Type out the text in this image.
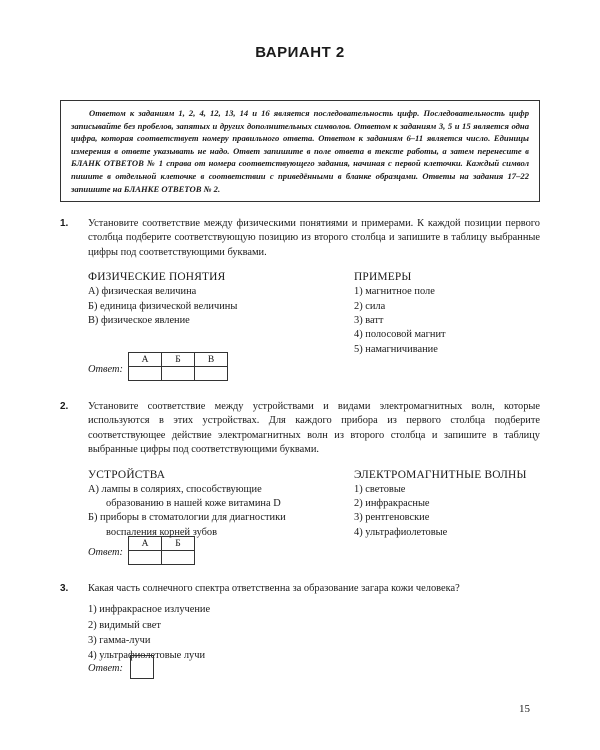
ВАРИАНТ 2
Ответом к заданиям 1, 2, 4, 12, 13, 14 и 16 является последовательность цифр. Последовательность цифр записывайте без пробелов, запятых и других дополнительных символов. Ответом к заданиям 3, 5 и 15 является одна цифра, которая соответствует номеру правильного ответа. Ответом к заданиям 6–11 является число. Единицы измерения в ответе указывать не надо. Ответ запишите в поле ответа в тексте работы, а затем перенесите в БЛАНК ОТВЕТОВ № 1 справа от номера соответствующего задания, начиная с первой клеточки. Каждый символ пишите в отдельной клеточке в соответствии с приведёнными в бланке образцами. Ответы на задания 17–22 запишите на БЛАНКЕ ОТВЕТОВ № 2.
1. Установите соответствие между физическими понятиями и примерами. К каждой позиции первого столбца подберите соответствующую позицию из второго столбца и запишите в таблицу выбранные цифры под соответствующими буквами.
ФИЗИЧЕСКИЕ ПОНЯТИЯ
А) физическая величина
Б) единица физической величины
В) физическое явление
ПРИМЕРЫ
1) магнитное поле
2) сила
3) ватт
4) полосовой магнит
5) намагничивание
Ответ:
А	Б	В

2. Установите соответствие между устройствами и видами электромагнитных волн, которые используются в этих устройствах. Для каждого прибора из первого столбца подберите соответствующее действие электромагнитных волн из второго столбца и запишите в таблицу выбранные цифры под соответствующими буквами.
УСТРОЙСТВА
А) лампы в соляриях, способствующие
образованию в нашей коже витамина D
Б) приборы в стоматологии для диагностики
воспаления корней зубов
ЭЛЕКТРОМАГНИТНЫЕ ВОЛНЫ
1) световые
2) инфракрасные
3) рентгеновские
4) ультрафиолетовые
Ответ:
А	Б

3. Какая часть солнечного спектра ответственна за образование загара кожи человека?
1) инфракрасное излучение
2) видимый свет
3) гамма-лучи
4) ультрафиолетовые лучи
Ответ:
15
